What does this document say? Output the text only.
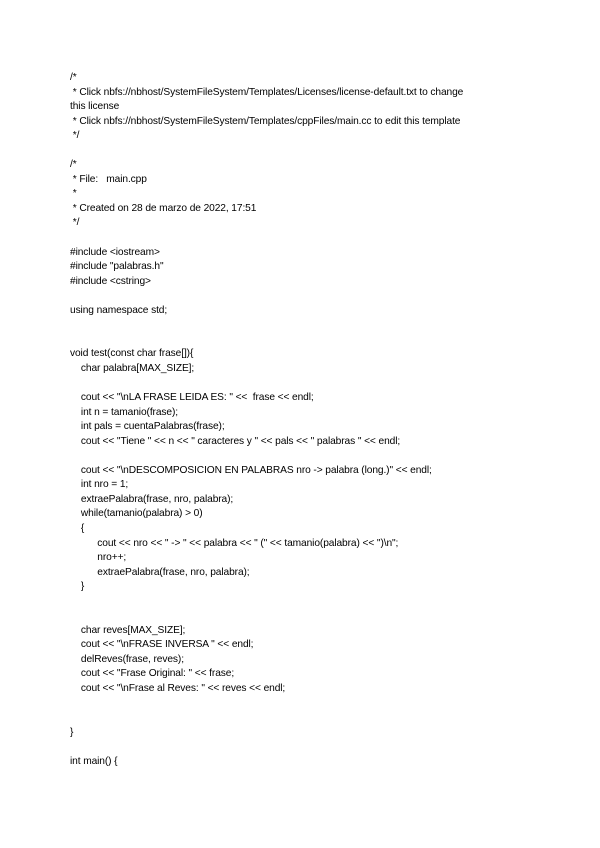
/*
* Click nbfs://nbhost/SystemFileSystem/Templates/Licenses/license-default.txt to change
this license
* Click nbfs://nbhost/SystemFileSystem/Templates/cppFiles/main.cc to edit this template
*/
/*
* File:   main.cpp
*
* Created on 28 de marzo de 2022, 17:51
*/
#include <iostream>
#include "palabras.h"
#include <cstring>
using namespace std;
void test(const char frase[]){
char palabra[MAX_SIZE];
cout << "\nLA FRASE LEIDA ES: " <<  frase << endl;
int n = tamanio(frase);
int pals = cuentaPalabras(frase);
cout << "Tiene " << n << " caracteres y " << pals << " palabras " << endl;
cout << "\nDESCOMPOSICION EN PALABRAS nro -> palabra (long.)" << endl;
int nro = 1;
extraePalabra(frase, nro, palabra);
while(tamanio(palabra) > 0)
{
cout << nro << " -> " << palabra << " (" << tamanio(palabra) << ")\n";
nro++;
extraePalabra(frase, nro, palabra);
}
char reves[MAX_SIZE];
cout << "\nFRASE INVERSA " << endl;
delReves(frase, reves);
cout << "Frase Original: " << frase;
cout << "\nFrase al Reves: " << reves << endl;
}
int main() {
